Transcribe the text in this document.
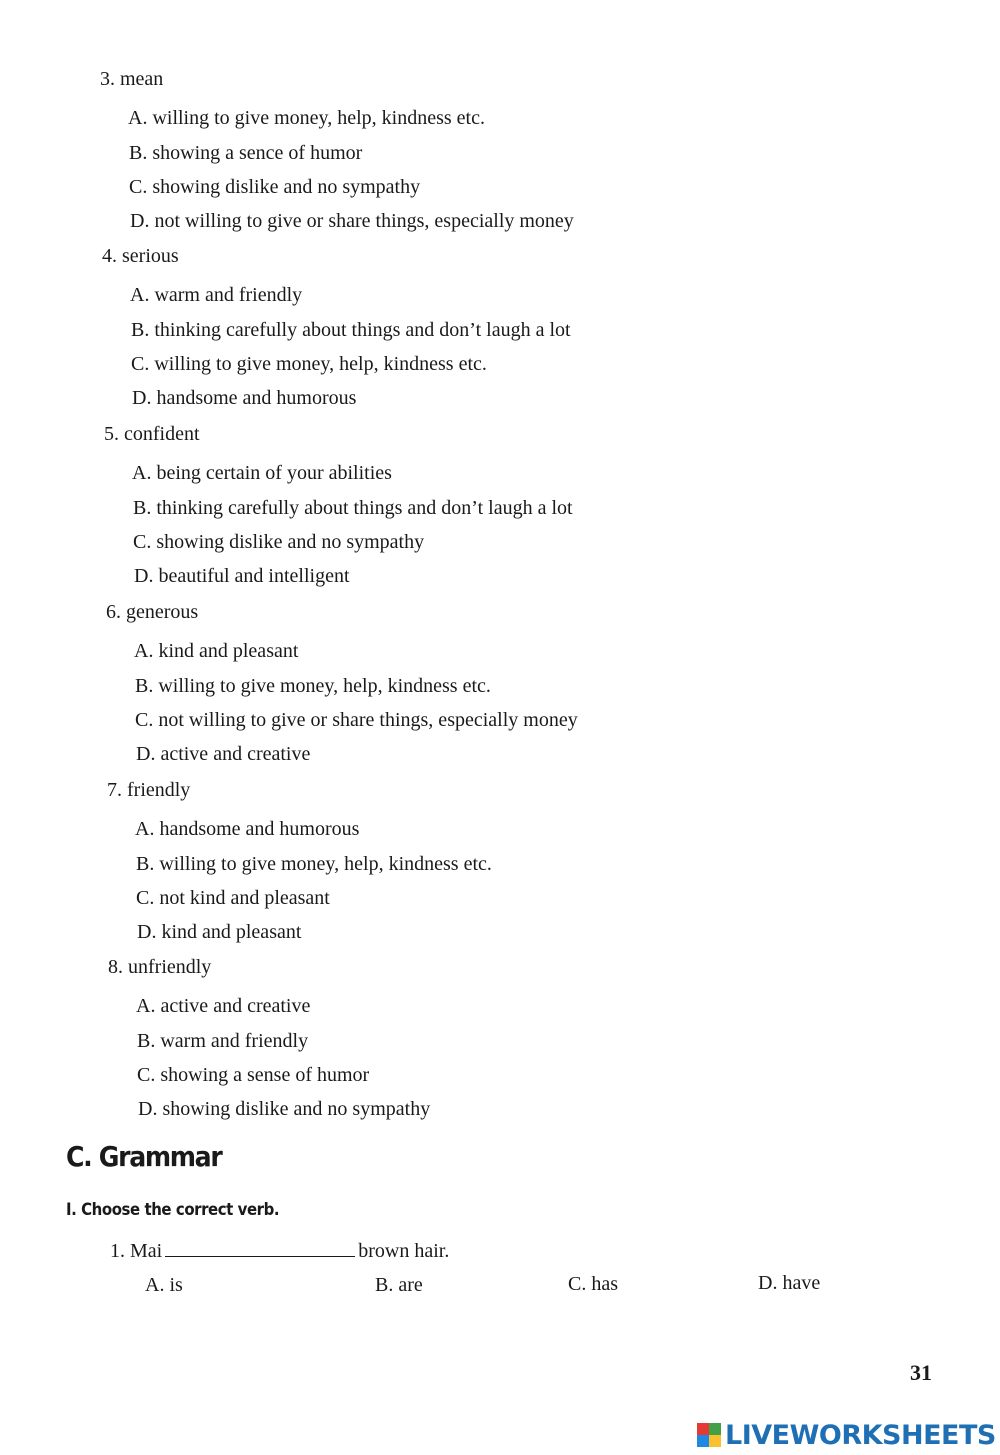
3. mean
A. willing to give money, help, kindness etc.
B. showing a sence of humor
C. showing dislike and no sympathy
D. not willing to give or share things, especially money
4. serious
A. warm and friendly
B. thinking carefully about things and don’t laugh a lot
C. willing to give money, help, kindness etc.
D. handsome and humorous
5. confident
A. being certain of your abilities
B. thinking carefully about things and don’t laugh a lot
C. showing dislike and no sympathy
D. beautiful and intelligent
6. generous
A. kind and pleasant
B. willing to give money, help, kindness etc.
C. not willing to give or share things, especially money
D. active and creative
7. friendly
A. handsome and humorous
B. willing to give money, help, kindness etc.
C. not kind and pleasant
D. kind and pleasant
8. unfriendly
A. active and creative
B. warm and friendly
C. showing a sense of humor
D. showing dislike and no sympathy
C. Grammar
I. Choose the correct verb.
1. Mai	brown hair.
A. is	B. are	C. has	D. have
31
LIVEWORKSHEETS
